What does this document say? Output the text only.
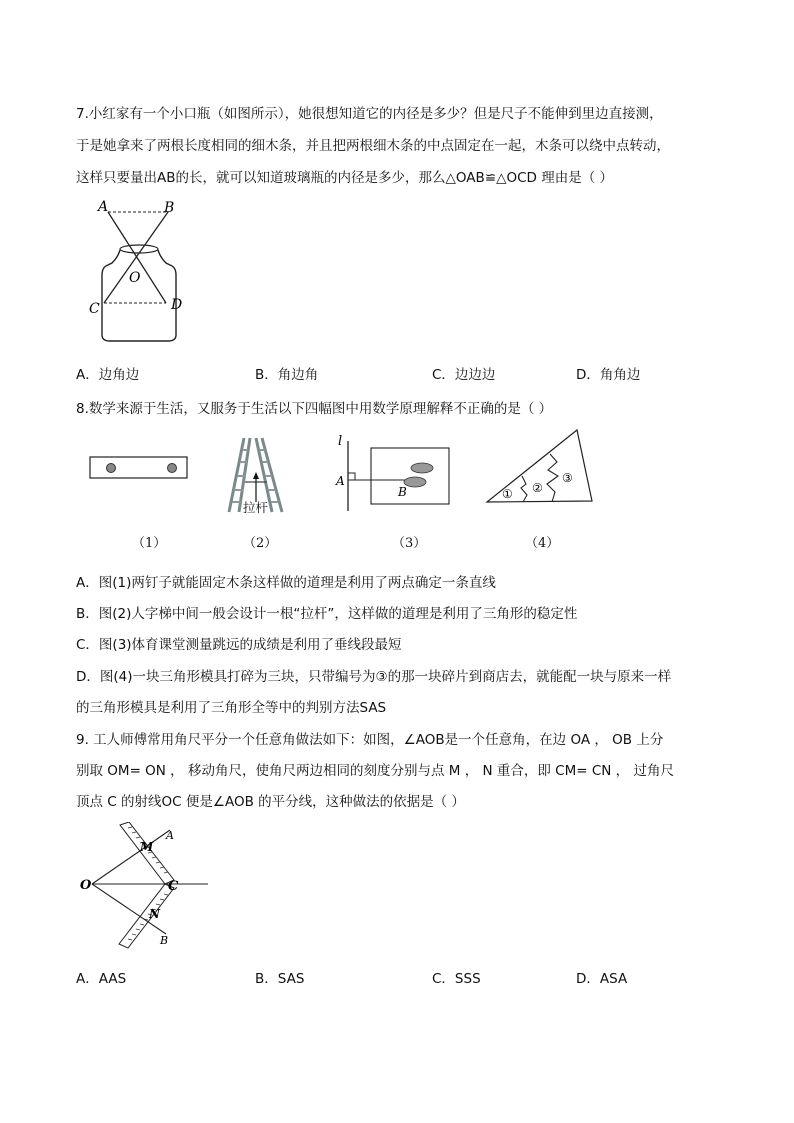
7.小红家有一个小口瓶（如图所示），她很想知道它的内径是多少？但是尺子不能伸到里边直接测，
于是她拿来了两根长度相同的细木条，并且把两根细木条的中点固定在一起，木条可以绕中点转动，
这样只要量出AB的长，就可以知道玻璃瓶的内径是多少，那么△OAB≌△OCD 理由是（ ）
A	B
O
C	D
A．边角边	B．角边角	C．边边边	D．角角边
8.数学来源于生活，又服务于生活以下四幅图中用数学原理解释不正确的是（ ）
拉杆
l
A
B	① ②
③
（1）	（2）	（3）	（4）
A．图(1)两钉子就能固定木条这样做的道理是利用了两点确定一条直线
B．图(2)人字梯中间一般会设计一根“拉杆”，这样做的道理是利用了三角形的稳定性
C．图(3)体育课堂测量跳远的成绩是利用了垂线段最短
D．图(4)一块三角形模具打碎为三块，只带编号为③的那一块碎片到商店去，就能配一块与原来一样
的三角形模具是利用了三角形全等中的判别方法SAS
9. 工人师傅常用角尺平分一个任意角做法如下：如图，∠AOB是一个任意角，在边 OA ， OB 上分
别取 OM= ON ， 移动角尺，使角尺两边相同的刻度分别与点 M ， N 重合，即 CM= CN ， 过角尺
顶点 C 的射线OC 便是∠AOB 的平分线，这种做法的依据是（ ）
O
A
B
M
N
C
A．AAS	B．SAS	C．SSS	D．ASA
